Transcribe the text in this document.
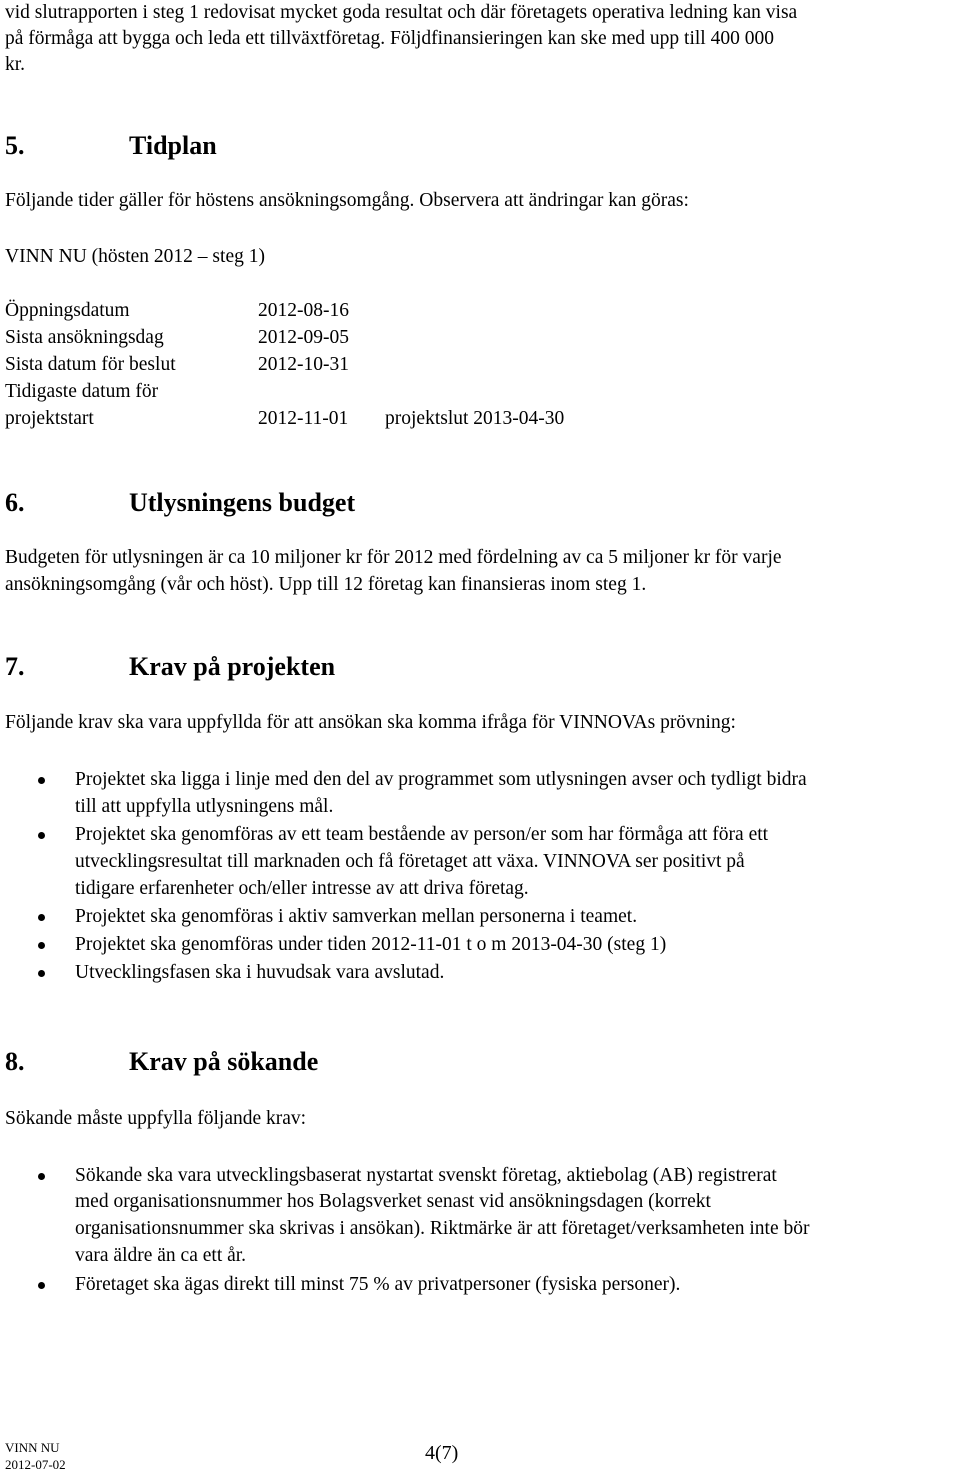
vid slutrapporten i steg 1 redovisat mycket goda resultat och där företagets operativa ledning kan visa
på förmåga att bygga och leda ett tillväxtföretag. Följdfinansieringen kan ske med upp till 400 000
kr.
5.	Tidplan
Följande tider gäller för höstens ansökningsomgång. Observera att ändringar kan göras:
VINN NU (hösten 2012 – steg 1)
Öppningsdatum	2012-08-16
Sista ansökningsdag	2012-09-05
Sista datum för beslut	2012-10-31
Tidigaste datum för
projektstart	2012-11-01 projektslut 2013-04-30
6.	Utlysningens budget
Budgeten för utlysningen är ca 10 miljoner kr för 2012 med fördelning av ca 5 miljoner kr för varje
ansökningsomgång (vår och höst). Upp till 12 företag kan finansieras inom steg 1.
7.	Krav på projekten
Följande krav ska vara uppfyllda för att ansökan ska komma ifråga för VINNOVAs prövning:
Projektet ska ligga i linje med den del av programmet som utlysningen avser och tydligt bidra
till att uppfylla utlysningens mål.
Projektet ska genomföras av ett team bestående av person/er som har förmåga att föra ett
utvecklingsresultat till marknaden och få företaget att växa. VINNOVA ser positivt på
tidigare erfarenheter och/eller intresse av att driva företag.
Projektet ska genomföras i aktiv samverkan mellan personerna i teamet.
Projektet ska genomföras under tiden 2012-11-01 t o m 2013-04-30 (steg 1)
Utvecklingsfasen ska i huvudsak vara avslutad.
8.	Krav på sökande
Sökande måste uppfylla följande krav:
Sökande ska vara utvecklingsbaserat nystartat svenskt företag, aktiebolag (AB) registrerat
med organisationsnummer hos Bolagsverket senast vid ansökningsdagen (korrekt
organisationsnummer ska skrivas i ansökan). Riktmärke är att företaget/verksamheten inte bör
vara äldre än ca ett år.
Företaget ska ägas direkt till minst 75 % av privatpersoner (fysiska personer).
4(7)
VINN NU
2012-07-02
